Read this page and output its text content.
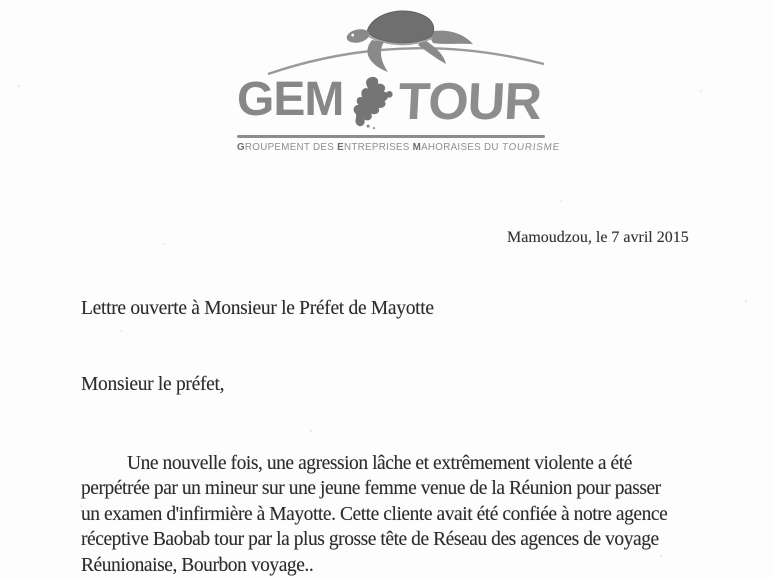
GEM TOUR
GROUPEMENT DES ENTREPRISES MAHORAISES DU TOURISME
Mamoudzou, le 7 avril 2015
Lettre ouverte à Monsieur le Préfet de Mayotte
Monsieur le préfet,
Une nouvelle fois, une agression lâche et extrêmement violente a été
perpétrée par un mineur sur une jeune femme venue de la Réunion pour passer
un examen d'infirmière à Mayotte. Cette cliente avait été confiée à notre agence
réceptive Baobab tour par la plus grosse tête de Réseau des agences de voyage
Réunionaise, Bourbon voyage..
